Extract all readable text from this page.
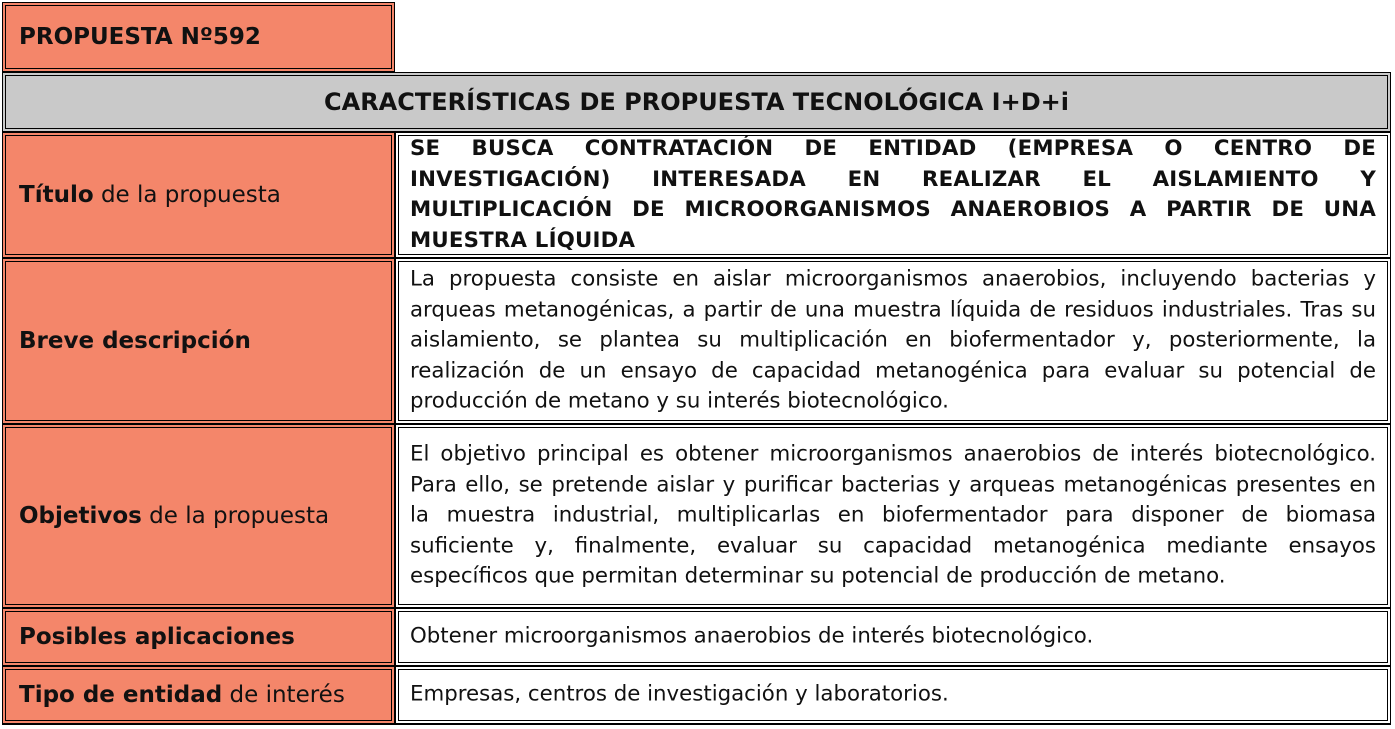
PROPUESTA Nº592
CARACTERÍSTICAS DE PROPUESTA TECNOLÓGICA I+D+i
Título de la propuesta
SE BUSCA CONTRATACIÓN DE ENTIDAD (EMPRESA O CENTRO DE INVESTIGACIÓN) INTERESADA EN REALIZAR EL AISLAMIENTO Y MULTIPLICACIÓN DE MICROORGANISMOS ANAEROBIOS A PARTIR DE UNA MUESTRA LÍQUIDA
Breve descripción
La propuesta consiste en aislar microorganismos anaerobios, incluyendo bacterias y arqueas metanogénicas, a partir de una muestra líquida de residuos industriales. Tras su aislamiento, se plantea su multiplicación en biofermentador y, posteriormente, la realización de un ensayo de capacidad metanogénica para evaluar su potencial de producción de metano y su interés biotecnológico.
Objetivos de la propuesta
El objetivo principal es obtener microorganismos anaerobios de interés biotecnológico. Para ello, se pretende aislar y purificar bacterias y arqueas metanogénicas presentes en la muestra industrial, multiplicarlas en biofermentador para disponer de biomasa suficiente y, finalmente, evaluar su capacidad metanogénica mediante ensayos específicos que permitan determinar su potencial de producción de metano.
Posibles aplicaciones	Obtener microorganismos anaerobios de interés biotecnológico.
Tipo de entidad de interés	Empresas, centros de investigación y laboratorios.
